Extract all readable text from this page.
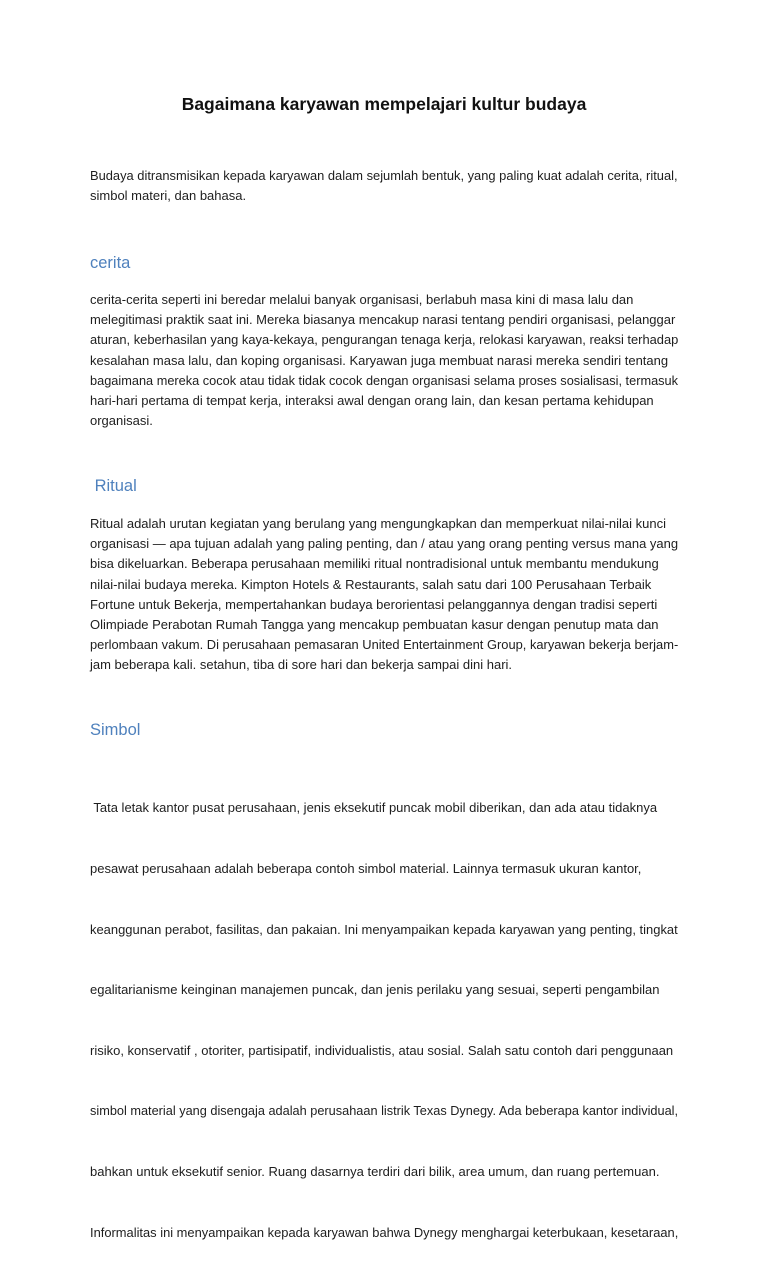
Bagaimana karyawan mempelajari kultur budaya

Budaya ditransmisikan kepada karyawan dalam sejumlah bentuk, yang paling kuat adalah cerita, ritual,
simbol materi, dan bahasa.

cerita

cerita-cerita seperti ini beredar melalui banyak organisasi, berlabuh masa kini di masa lalu dan
melegitimasi praktik saat ini. Mereka biasanya mencakup narasi tentang pendiri organisasi, pelanggar
aturan, keberhasilan yang kaya-kekaya, pengurangan tenaga kerja, relokasi karyawan, reaksi terhadap
kesalahan masa lalu, dan koping organisasi. Karyawan juga membuat narasi mereka sendiri tentang
bagaimana mereka cocok atau tidak tidak cocok dengan organisasi selama proses sosialisasi, termasuk
hari-hari pertama di tempat kerja, interaksi awal dengan orang lain, dan kesan pertama kehidupan
organisasi.

Ritual

Ritual adalah urutan kegiatan yang berulang yang mengungkapkan dan memperkuat nilai-nilai kunci
organisasi — apa tujuan adalah yang paling penting, dan / atau yang orang penting versus mana yang
bisa dikeluarkan. Beberapa perusahaan memiliki ritual nontradisional untuk membantu mendukung
nilai-nilai budaya mereka. Kimpton Hotels & Restaurants, salah satu dari 100 Perusahaan Terbaik
Fortune untuk Bekerja, mempertahankan budaya berorientasi pelanggannya dengan tradisi seperti
Olimpiade Perabotan Rumah Tangga yang mencakup pembuatan kasur dengan penutup mata dan
perlombaan vakum. Di perusahaan pemasaran United Entertainment Group, karyawan bekerja berjam-
jam beberapa kali. setahun, tiba di sore hari dan bekerja sampai dini hari.

Simbol

Tata letak kantor pusat perusahaan, jenis eksekutif puncak mobil diberikan, dan ada atau tidaknya

pesawat perusahaan adalah beberapa contoh simbol material. Lainnya termasuk ukuran kantor,

keanggunan perabot, fasilitas, dan pakaian. Ini menyampaikan kepada karyawan yang penting, tingkat

egalitarianisme keinginan manajemen puncak, dan jenis perilaku yang sesuai, seperti pengambilan

risiko, konservatif , otoriter, partisipatif, individualistis, atau sosial. Salah satu contoh dari penggunaan

simbol material yang disengaja adalah perusahaan listrik Texas Dynegy. Ada beberapa kantor individual,

bahkan untuk eksekutif senior. Ruang dasarnya terdiri dari bilik, area umum, dan ruang pertemuan.

Informalitas ini menyampaikan kepada karyawan bahwa Dynegy menghargai keterbukaan, kesetaraan,
